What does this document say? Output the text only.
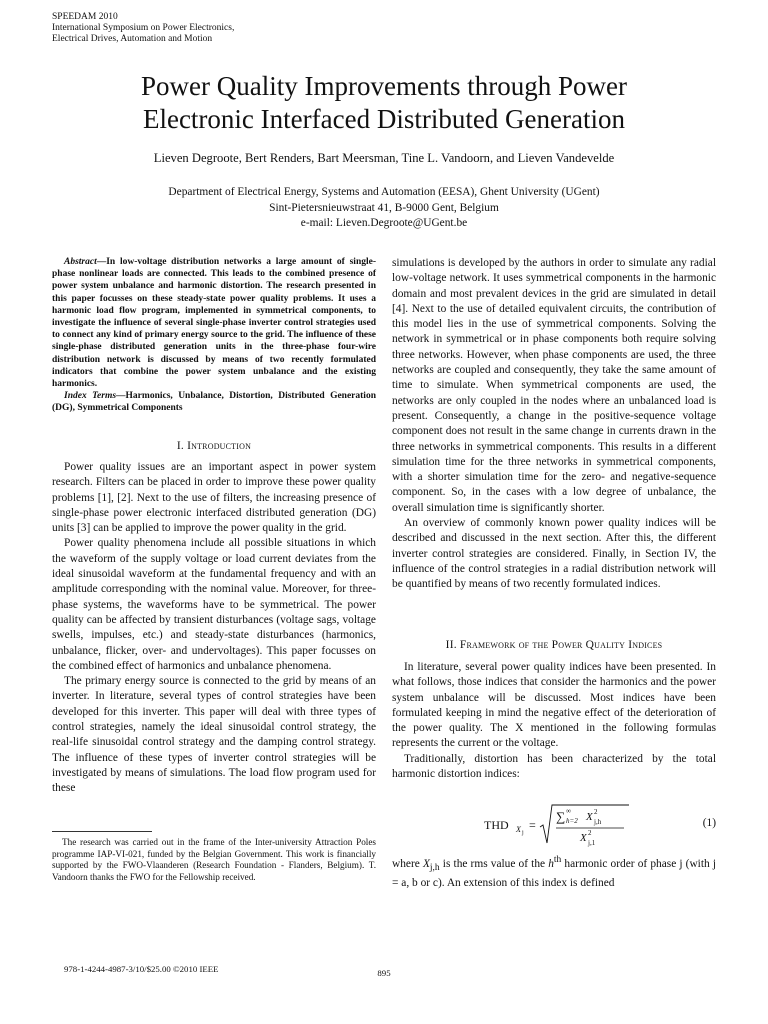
SPEEDAM 2010
International Symposium on Power Electronics,
Electrical Drives, Automation and Motion
Power Quality Improvements through Power
Electronic Interfaced Distributed Generation
Lieven Degroote, Bert Renders, Bart Meersman, Tine L. Vandoorn, and Lieven Vandevelde
Department of Electrical Energy, Systems and Automation (EESA), Ghent University (UGent)
Sint-Pietersnieuwstraat 41, B-9000 Gent, Belgium
e-mail: Lieven.Degroote@UGent.be

Abstract—In low-voltage distribution networks a large amount of single-phase nonlinear loads are connected. This leads to the combined presence of power system unbalance and harmonic distortion. The research presented in this paper focusses on these steady-state power quality problems. It uses a harmonic load flow program, implemented in symmetrical components, to investigate the influence of several single-phase inverter control strategies used to connect any kind of primary energy source to the grid. The influence of these single-phase distributed generation units in the three-phase four-wire distribution network is discussed by means of two recently formulated indicators that combine the power system unbalance and the existing harmonics.

Index Terms—Harmonics, Unbalance, Distortion, Distributed Generation (DG), Symmetrical Components

I. Introduction

Power quality issues are an important aspect in power system research. Filters can be placed in order to improve these power quality problems [1], [2]. Next to the use of filters, the increasing presence of single-phase power electronic interfaced distributed generation (DG) units [3] can be applied to improve the power quality in the grid.

Power quality phenomena include all possible situations in which the waveform of the supply voltage or load current deviates from the ideal sinusoidal waveform at the fundamental frequency and with an amplitude corresponding with the nominal value. Moreover, for three-phase systems, the waveforms have to be symmetrical. The power quality can be affected by transient disturbances (voltage sags, voltage swells, impulses, etc.) and steady-state disturbances (harmonics, unbalance, flicker, over- and undervoltages). This paper focusses on the combined effect of harmonics and unbalance phenomena.

The primary energy source is connected to the grid by means of an inverter. In literature, several types of control strategies have been developed for this inverter. This paper will deal with three types of control strategies, namely the ideal sinusoidal control strategy, the real-life sinusoidal control strategy and the damping control strategy. The influence of these types of inverter control strategies will be investigated by means of simulations. The load flow program used for these

The research was carried out in the frame of the Inter-university Attraction Poles programme IAP-VI-021, funded by the Belgian Government. This work is financially supported by the FWO-Vlaanderen (Research Foundation - Flanders, Belgium). T. Vandoorn thanks the FWO for the Fellowship received.

simulations is developed by the authors in order to simulate any radial low-voltage network. It uses symmetrical components in the harmonic domain and most prevalent devices in the grid are simulated in detail [4]. Next to the use of detailed equivalent circuits, the contribution of this model lies in the use of symmetrical components. Solving the network in symmetrical or in phase components both require solving three networks. However, when phase components are used, the three networks are coupled and consequently, they take the same amount of time to simulate. When symmetrical components are used, the networks are only coupled in the nodes where an unbalanced load is present. Consequently, a change in the positive-sequence voltage component does not result in the same change in currents drawn in the three networks in symmetrical components. This results in a different simulation time for the three networks in symmetrical components, with a shorter simulation time for the zero- and negative-sequence component. So, in the cases with a low degree of unbalance, the overall simulation time is significantly shorter.

An overview of commonly known power quality indices will be described and discussed in the next section. After this, the different inverter control strategies are considered. Finally, in Section IV, the influence of the control strategies in a radial distribution network will be quantified by means of two recently formulated indices.

II. Framework of the Power Quality Indices

In literature, several power quality indices have been presented. In what follows, those indices that consider the harmonics and the power system unbalance will be discussed. Most indices have been formulated keeping in mind the negative effect of the deterioration of the power quality. The X mentioned in the following formulas represents the current or the voltage.

Traditionally, distortion has been characterized by the total harmonic distortion indices:

THD X j
=
∑ ∞
h=2 X 2
j,h
X 2
j,1
(1)

where $X_{j,h}$ is the rms value of the $h^{th}$ harmonic order of phase j (with j = a, b or c). An extension of this index is defined

978-1-4244-4987-3/10/$25.00 ©2010 IEEE	895
